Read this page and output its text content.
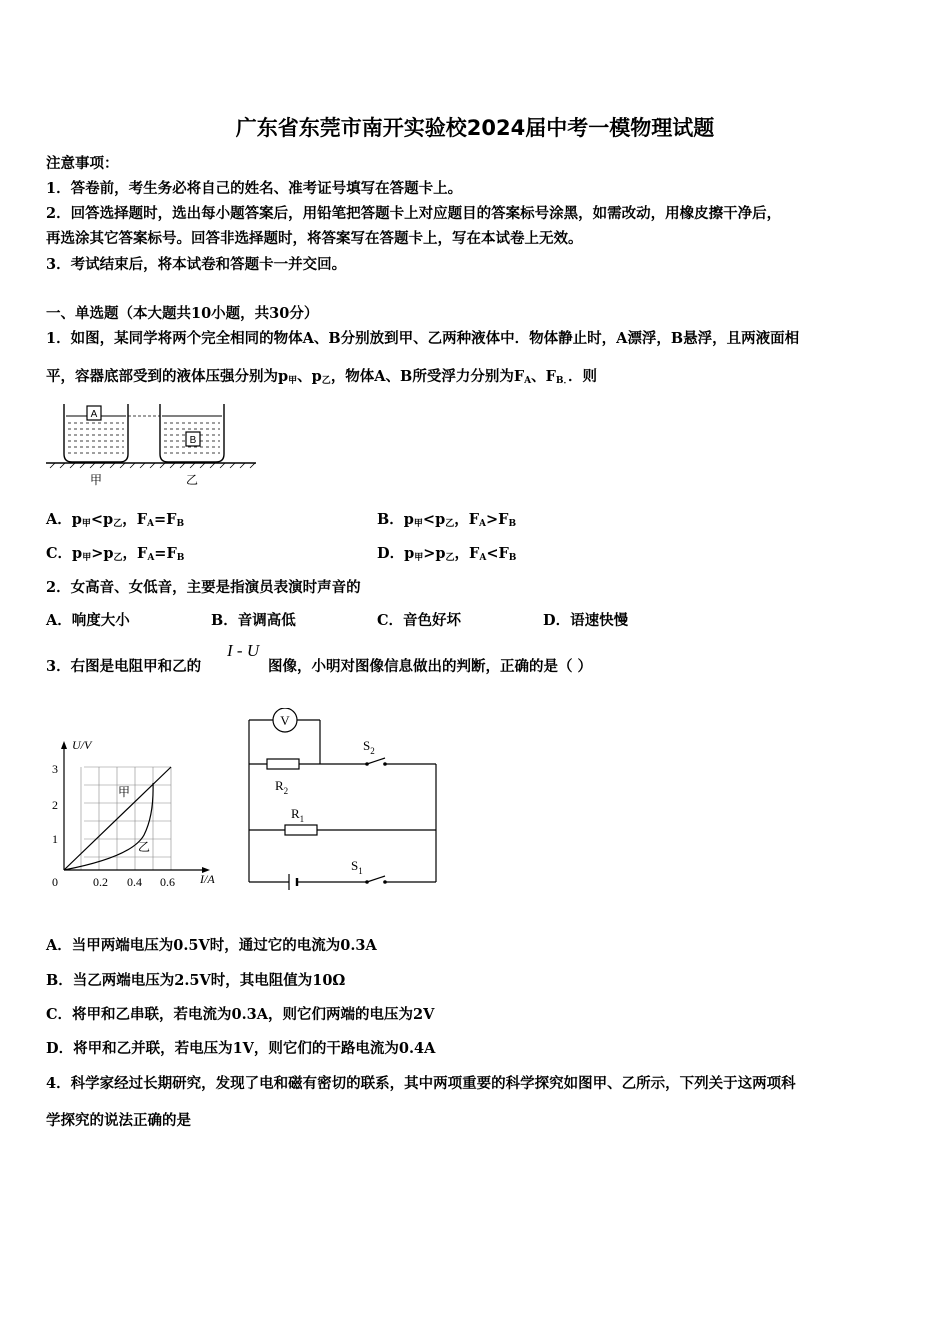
广东省东莞市南开实验校2024届中考一模物理试题
注意事项：
1．答卷前，考生务必将自己的姓名、准考证号填写在答题卡上。
2．回答选择题时，选出每小题答案后，用铅笔把答题卡上对应题目的答案标号涂黑，如需改动，用橡皮擦干净后，
再选涂其它答案标号。回答非选择题时，将答案写在答题卡上，写在本试卷上无效。
3．考试结束后，将本试卷和答题卡一并交回。
一、单选题（本大题共10小题，共30分）
1．如图，某同学将两个完全相同的物体A、B分别放到甲、乙两种液体中．物体静止时，A漂浮，B悬浮，且两液面相
平，容器底部受到的液体压强分别为$p_甲$、$p_乙$，物体A、B所受浮力分别为$F_A$、$F_{B.}$．则
A
B
甲	乙
A．$p_甲<p_乙$，$F_A=F_B$	B．$p_甲<p_乙$，$F_A>F_B$
C．$p_甲>p_乙$，$F_A=F_B$	D．$p_甲>p_乙$，$F_A<F_B$
2．女高音、女低音，主要是指演员表演时声音的
A．响度大小	B．音调高低	C．音色好坏	D．语速快慢
3．右图是电阻甲和乙的
I - U
图像，小明对图像信息做出的判断，正确的是（ ）
U/V
I/A
0
1
2
3
0.2 0.4 0.6
甲
乙
V
$R_2$
$R_1$
$S_2$
$S_1$
A．当甲两端电压为0.5V时，通过它的电流为0.3A
B．当乙两端电压为2.5V时，其电阻值为10Ω
C．将甲和乙串联，若电流为0.3A，则它们两端的电压为2V
D．将甲和乙并联，若电压为1V，则它们的干路电流为0.4A
4．科学家经过长期研究，发现了电和磁有密切的联系，其中两项重要的科学探究如图甲、乙所示，下列关于这两项科
学探究的说法正确的是
